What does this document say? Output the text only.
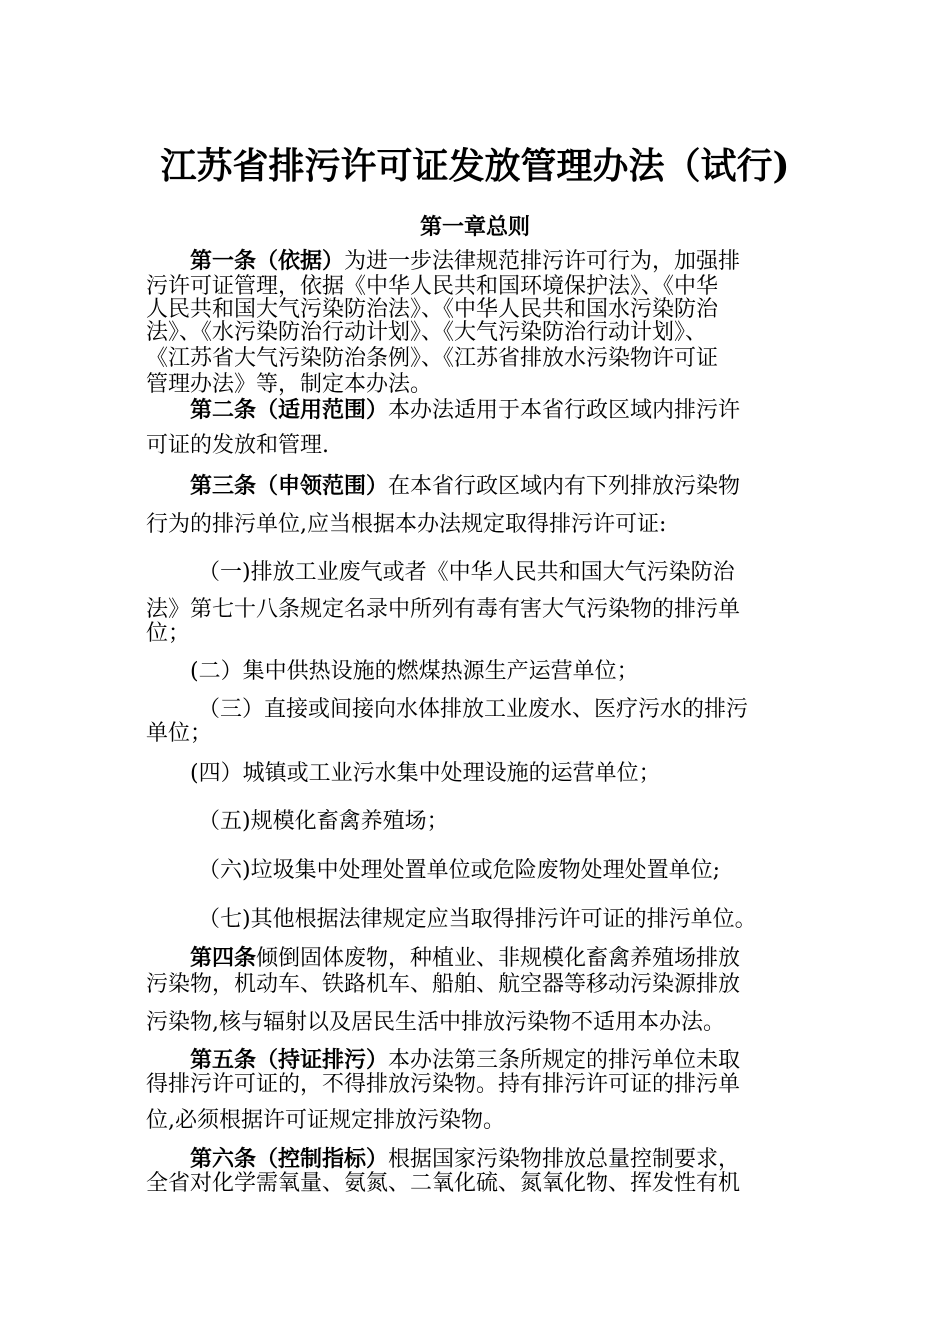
江苏省排污许可证发放管理办法（试行)
第一章总则
第一条（依据）为进一步法律规范排污许可行为，加强排
污许可证管理，依据《中华人民共和国环境保护法》、《中华
人民共和国大气污染防治法》、《中华人民共和国水污染防治
法》、《水污染防治行动计划》、《大气污染防治行动计划》、
《江苏省大气污染防治条例》、《江苏省排放水污染物许可证
管理办法》等，制定本办法。
第二条（适用范围）本办法适用于本省行政区域内排污许
可证的发放和管理.
第三条（申领范围）在本省行政区域内有下列排放污染物
行为的排污单位,应当根据本办法规定取得排污许可证:
（一)排放工业废气或者《中华人民共和国大气污染防治
法》第七十八条规定名录中所列有毒有害大气污染物的排污单
位；
(二）集中供热设施的燃煤热源生产运营单位；
（三）直接或间接向水体排放工业废水、医疗污水的排污
单位；
(四）城镇或工业污水集中处理设施的运营单位；
（五)规模化畜禽养殖场；
（六)垃圾集中处理处置单位或危险废物处理处置单位;
（七)其他根据法律规定应当取得排污许可证的排污单位。
第四条倾倒固体废物，种植业、非规模化畜禽养殖场排放
污染物，机动车、铁路机车、船舶、航空器等移动污染源排放
污染物,核与辐射以及居民生活中排放污染物不适用本办法。
第五条（持证排污）本办法第三条所规定的排污单位未取
得排污许可证的，不得排放污染物。持有排污许可证的排污单
位,必须根据许可证规定排放污染物。
第六条（控制指标）根据国家污染物排放总量控制要求，
全省对化学需氧量、氨氮、二氧化硫、氮氧化物、挥发性有机
